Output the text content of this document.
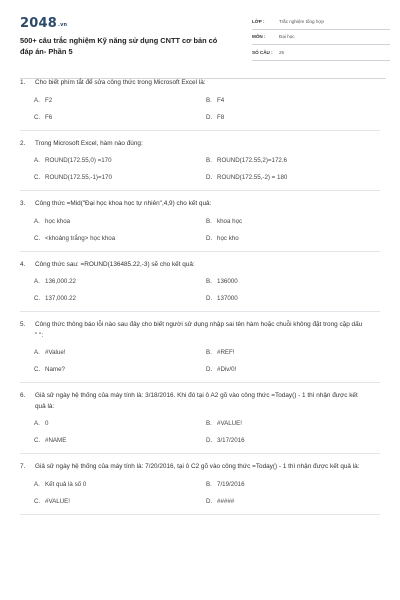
2048.vn
500+ câu trắc nghiệm Kỹ năng sử dụng CNTT cơ bản có đáp án- Phần 5
LỚP :	Trắc nghiệm tổng hợp
MÔN :	Đại học
SỐ CÂU :	25
1.	Cho biết phím tắt để sửa công thức trong Microsoft Excel là:
A. F2	B. F4
C. F6	D. F8
2.	Trong Microsoft Excel, hàm nào đúng:
A. ROUND(172.55,0) =170	B. ROUND(172.55,2)=172.6
C. ROUND(172.55,-1)=170	D. ROUND(172.55,-2) = 180
3.	Công thức =Mid("Đại học khoa học tự nhiên",4,9) cho kết quả:
A. học khoa	B. khoa học
C. <khoảng trắng> học khoa	D. học kho
4.	Công thức sau: =ROUND(136485.22,-3) sẽ cho kết quả:
A. 136,000.22	B. 136000
C. 137,000.22	D. 137000
5.	Công thức thông báo lỗi nào sau đây cho biết người sử dụng nhập sai tên hàm hoặc chuỗi không đặt trong cặp dấu " ":
A. #Value!	B. #REF!
C. Name?	D. #Div/0!
6.	Giả sử ngày hệ thống của máy tính là: 3/18/2016. Khi đó tại ô A2 gõ vào công thức =Today() - 1 thì nhận được kết quả là:
A. 0	B. #VALUE!
C. #NAME	D. 3/17/2016
7.	Giả sử ngày hệ thống của máy tính là: 7/20/2016, tại ô C2 gõ vào công thức =Today() - 1 thì nhận được kết quả là:
A. Kết quả là số 0	B. 7/19/2016
C. #VALUE!	D. #####
